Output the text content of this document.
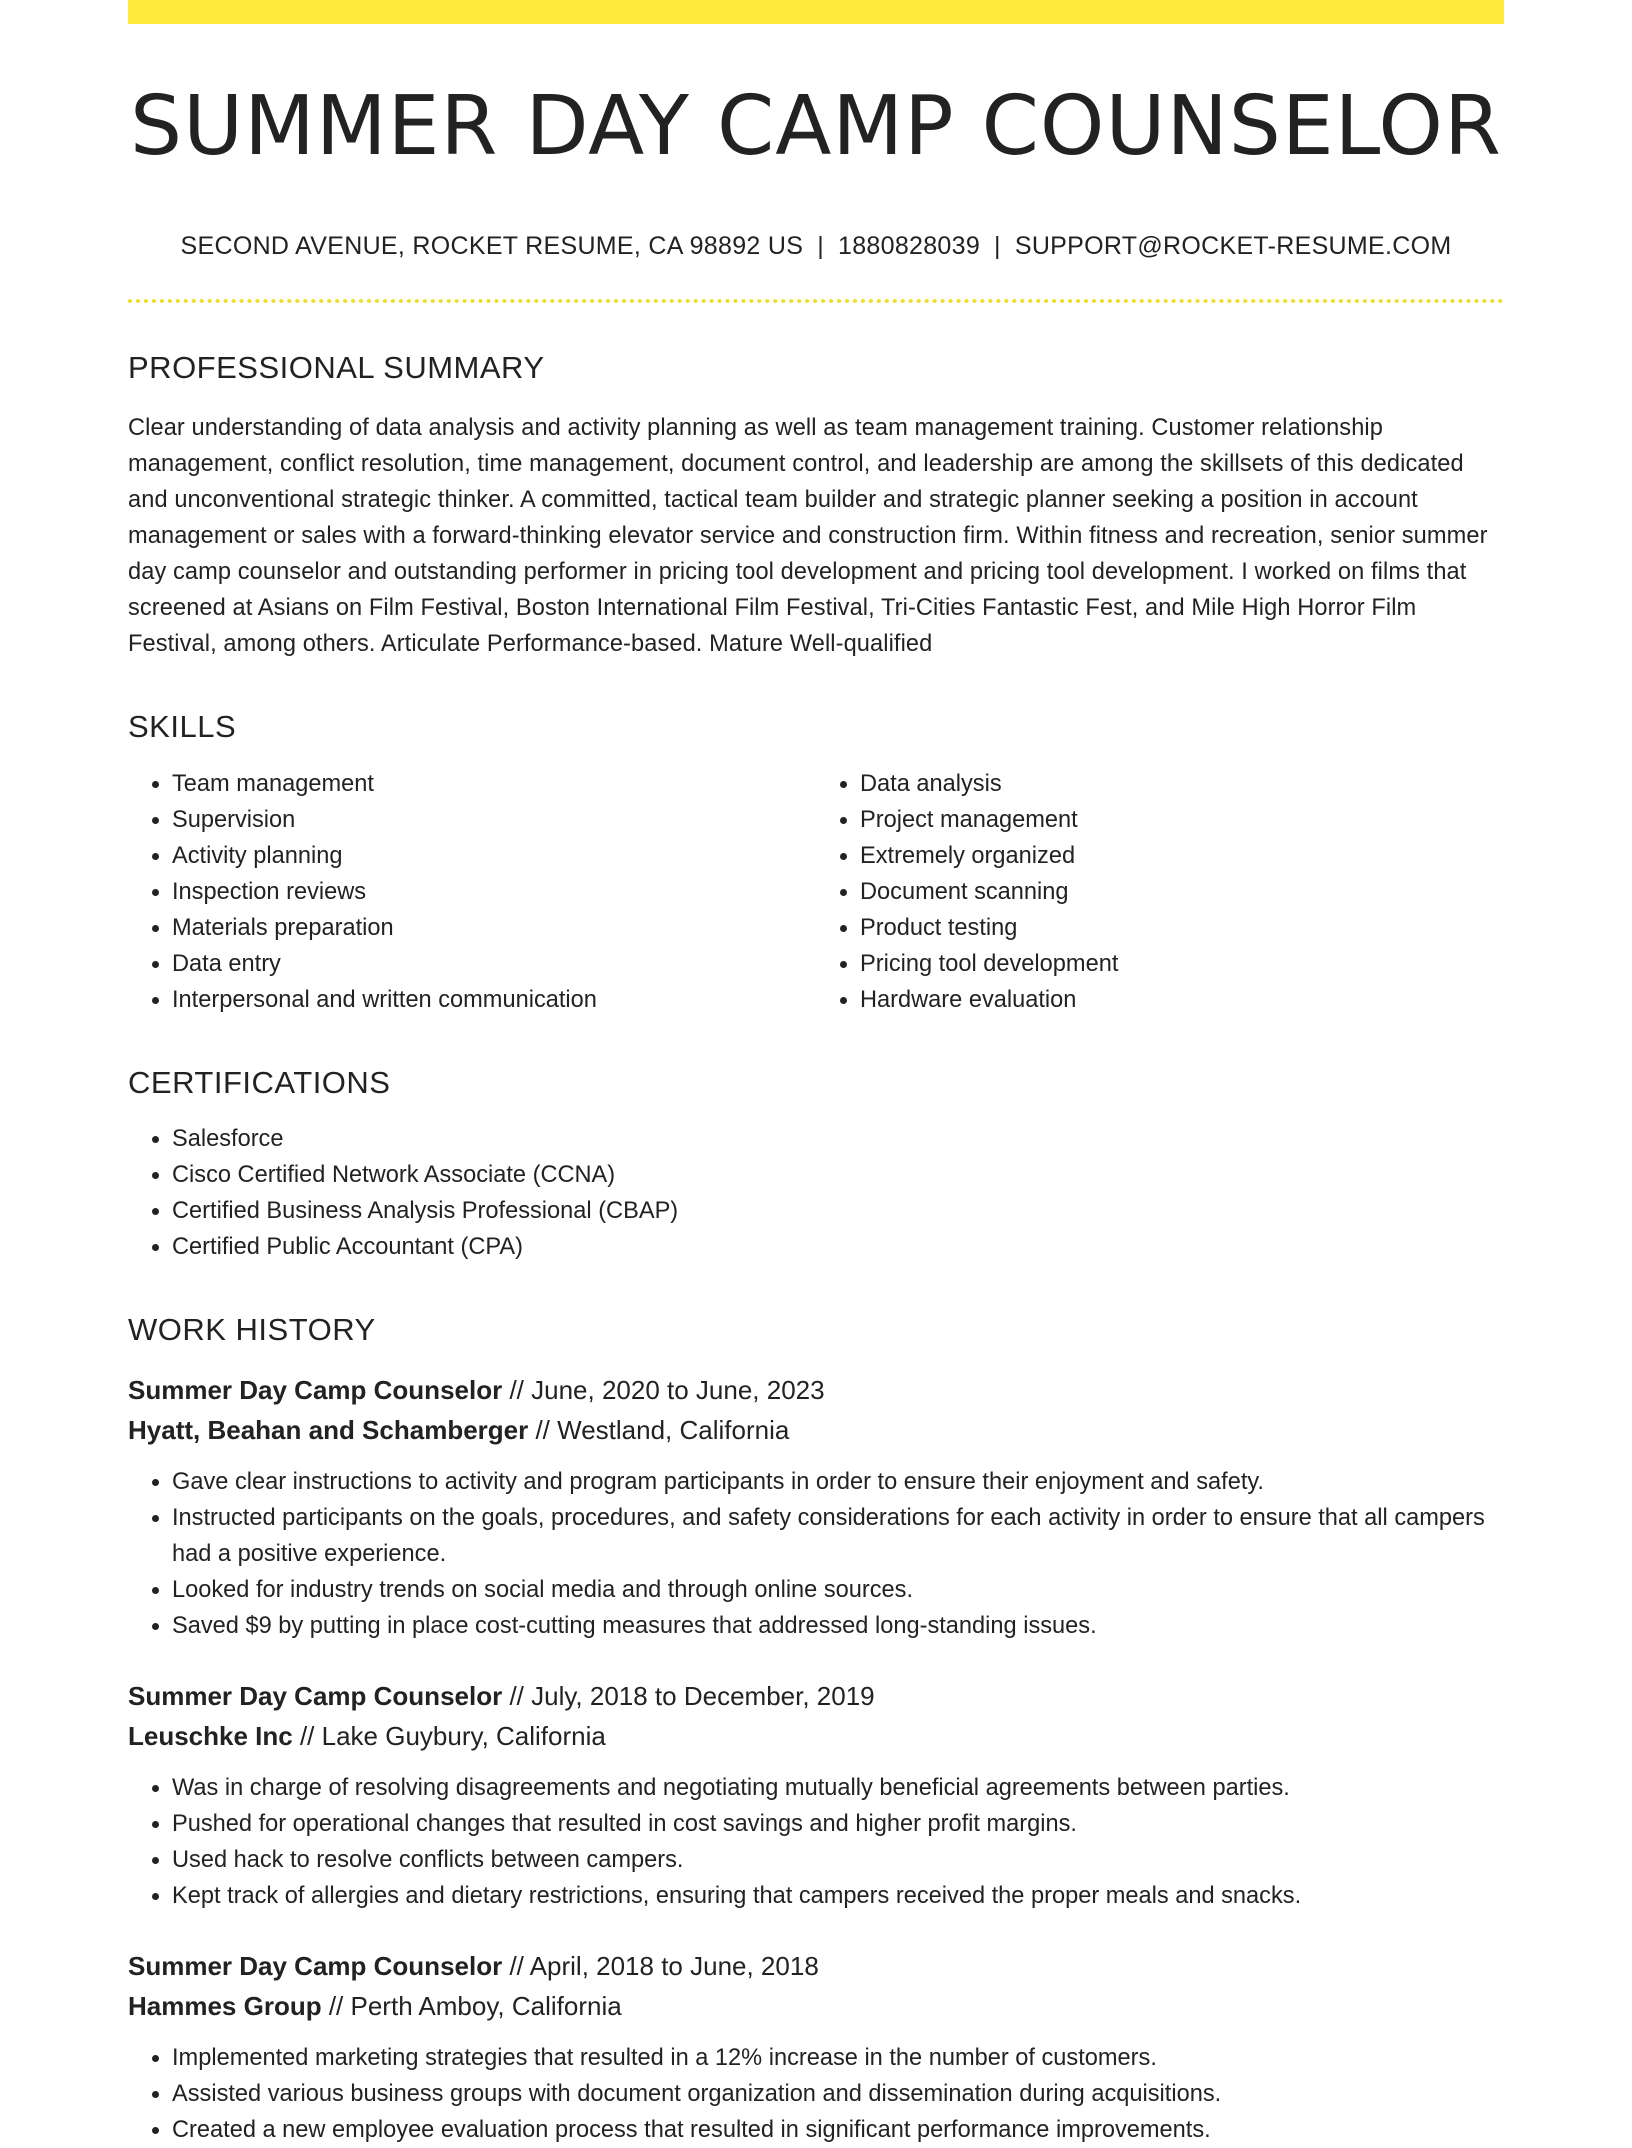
SUMMER DAY CAMP COUNSELOR
SECOND AVENUE, ROCKET RESUME, CA 98892 US | 1880828039 | SUPPORT@ROCKET-RESUME.COM
PROFESSIONAL SUMMARY
Clear understanding of data analysis and activity planning as well as team management training. Customer relationship management, conflict resolution, time management, document control, and leadership are among the skillsets of this dedicated and unconventional strategic thinker. A committed, tactical team builder and strategic planner seeking a position in account management or sales with a forward-thinking elevator service and construction firm. Within fitness and recreation, senior summer day camp counselor and outstanding performer in pricing tool development and pricing tool development. I worked on films that screened at Asians on Film Festival, Boston International Film Festival, Tri-Cities Fantastic Fest, and Mile High Horror Film Festival, among others. Articulate Performance-based. Mature Well-qualified
SKILLS
• Team management
• Supervision
• Activity planning
• Inspection reviews
• Materials preparation
• Data entry
• Interpersonal and written communication
• Data analysis
• Project management
• Extremely organized
• Document scanning
• Product testing
• Pricing tool development
• Hardware evaluation
CERTIFICATIONS
• Salesforce
• Cisco Certified Network Associate (CCNA)
• Certified Business Analysis Professional (CBAP)
• Certified Public Accountant (CPA)
WORK HISTORY
Summer Day Camp Counselor // June, 2020 to June, 2023
Hyatt, Beahan and Schamberger // Westland, California
• Gave clear instructions to activity and program participants in order to ensure their enjoyment and safety.
• Instructed participants on the goals, procedures, and safety considerations for each activity in order to ensure that all campers had a positive experience.
• Looked for industry trends on social media and through online sources.
• Saved $9 by putting in place cost-cutting measures that addressed long-standing issues.
Summer Day Camp Counselor // July, 2018 to December, 2019
Leuschke Inc // Lake Guybury, California
• Was in charge of resolving disagreements and negotiating mutually beneficial agreements between parties.
• Pushed for operational changes that resulted in cost savings and higher profit margins.
• Used hack to resolve conflicts between campers.
• Kept track of allergies and dietary restrictions, ensuring that campers received the proper meals and snacks.
Summer Day Camp Counselor // April, 2018 to June, 2018
Hammes Group // Perth Amboy, California
• Implemented marketing strategies that resulted in a 12% increase in the number of customers.
• Assisted various business groups with document organization and dissemination during acquisitions.
• Created a new employee evaluation process that resulted in significant performance improvements.
